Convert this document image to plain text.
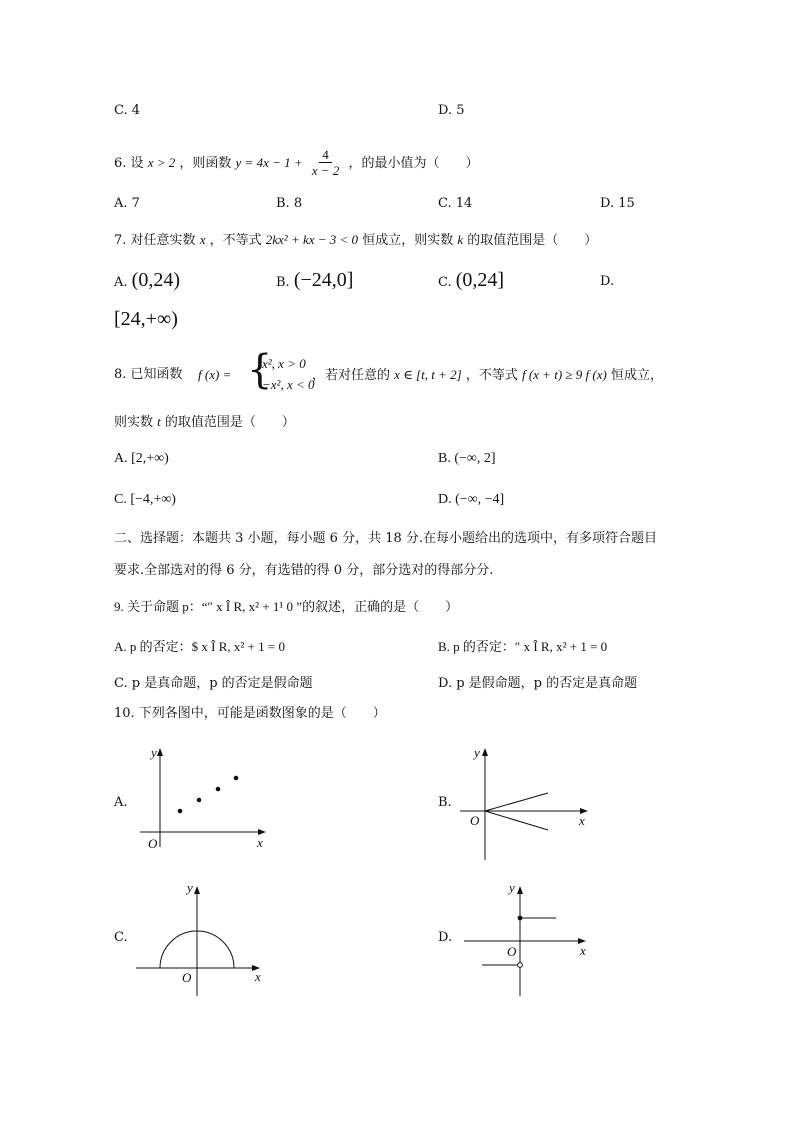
C. 4	D. 5
6. 设 x > 2 ，则函数 $y = 4x - 1 + \frac{4}{x - 2}$ ，的最小值为（　　）
A. 7	B. 8	C. 14	D. 15
7. 对任意实数 x ，不等式 2kx² + kx − 3 < 0 恒成立，则实数 k 的取值范围是（　　）
A. (0,24)	B. (−24,0]	C. (0,24]	D.
[24,+∞)
8. 已知函数 f (x) = {
x², x > 0
−x², x < 0
，若对任意的 x ∈ [t, t + 2] ，不等式 f (x + t) ≥ 9 f (x) 恒成立，
则实数 t 的取值范围是（　　）
A. [2,+∞)	B. (−∞, 2]
C. [−4,+∞)	D. (−∞, −4]
二、选择题：本题共 3 小题，每小题 6 分，共 18 分.在每小题给出的选项中，有多项符合题目
要求.全部选对的得 6 分，有选错的得 0 分，部分选对的得部分分.
9. 关于命题 p：“″ x Î R, x² + 1¹ 0 ”的叙述，正确的是（　　）
A. p 的否定：$ x Î R, x² + 1 = 0	B. p 的否定：″ x Î R, x² + 1 = 0
C. p 是真命题，p 的否定是假命题	D. p 是假命题，p 的否定是真命题
10. 下列各图中，可能是函数图象的是（　　）
A.
y
x
O
B.
y
x
O
C.
y
x
O
D.
y
x
O
